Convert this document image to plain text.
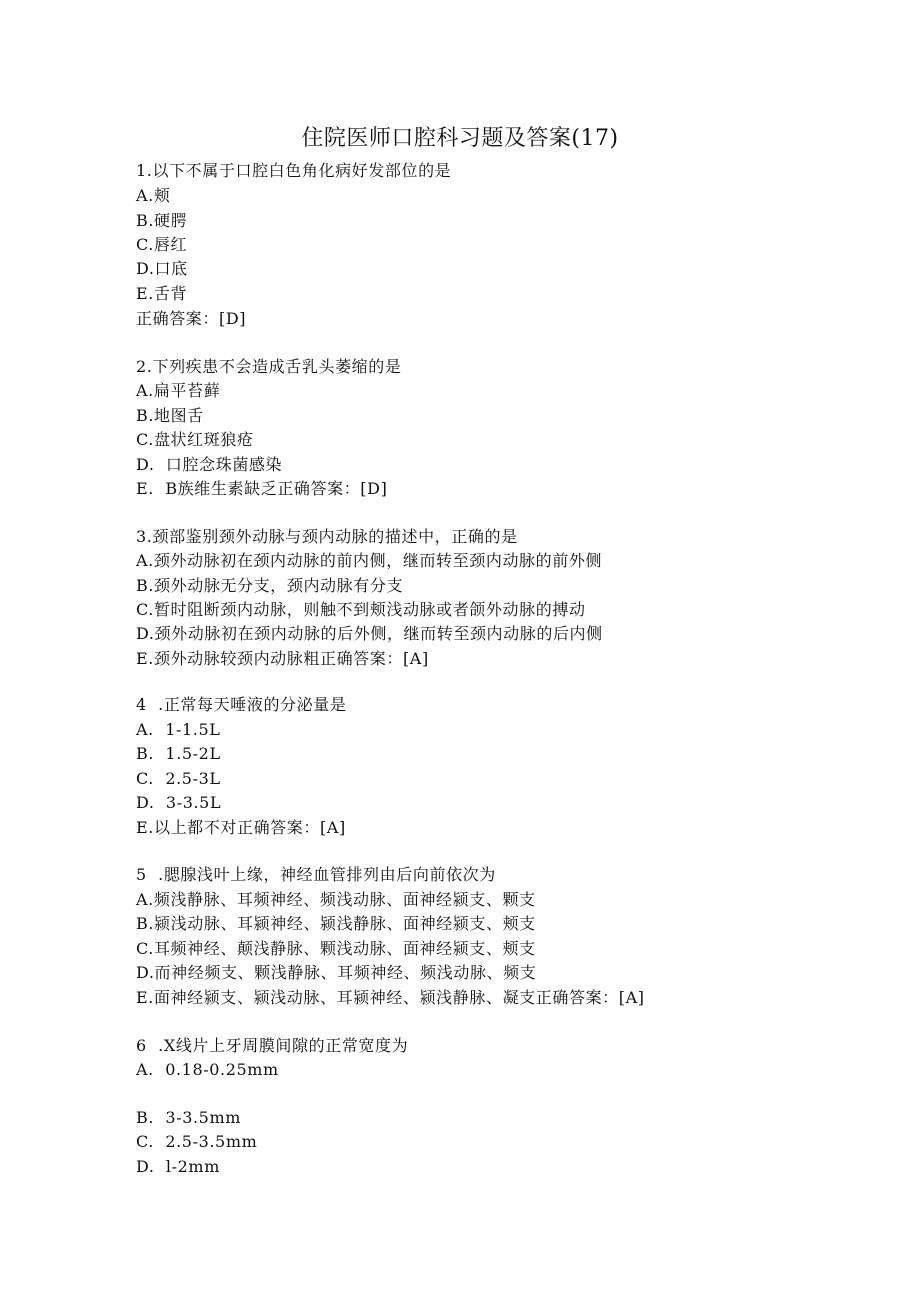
住院医师口腔科习题及答案(17)
1.以下不属于口腔白色角化病好发部位的是
A.颊
B.硬腭
C.唇红
D.口底
E.舌背
正确答案：[D]
2.下列疾患不会造成舌乳头萎缩的是
A.扁平苔藓
B.地图舌
C.盘状红斑狼疮
D.  口腔念珠菌感染
E.  B族维生素缺乏正确答案：[D]
3.颈部鉴别颈外动脉与颈内动脉的描述中，正确的是
A.颈外动脉初在颈内动脉的前内侧，继而转至颈内动脉的前外侧
B.颈外动脉无分支，颈内动脉有分支
C.暂时阻断颈内动脉，则触不到颊浅动脉或者颌外动脉的搏动
D.颈外动脉初在颈内动脉的后外侧，继而转至颈内动脉的后内侧
E.颈外动脉较颈内动脉粗正确答案：[A]
4  .正常每天唾液的分泌量是
A.  1-1.5L
B.  1.5-2L
C.  2.5-3L
D.  3-3.5L
E.以上都不对正确答案：[A]
5  .腮腺浅叶上缘，神经血管排列由后向前依次为
A.频浅静脉、耳频神经、频浅动脉、面神经颍支、颗支
B.颍浅动脉、耳颍神经、颍浅静脉、面神经颍支、颊支
C.耳频神经、颠浅静脉、颗浅动脉、面神经颍支、颊支
D.而神经频支、颗浅静脉、耳频神经、频浅动脉、频支
E.面神经颍支、颍浅动脉、耳颍神经、颍浅静脉、凝支正确答案：[A]
6  .X线片上牙周膜间隙的正常宽度为
A.  0.18-0.25mm
B.  3-3.5mm
C.  2.5-3.5mm
D.  l-2mm
